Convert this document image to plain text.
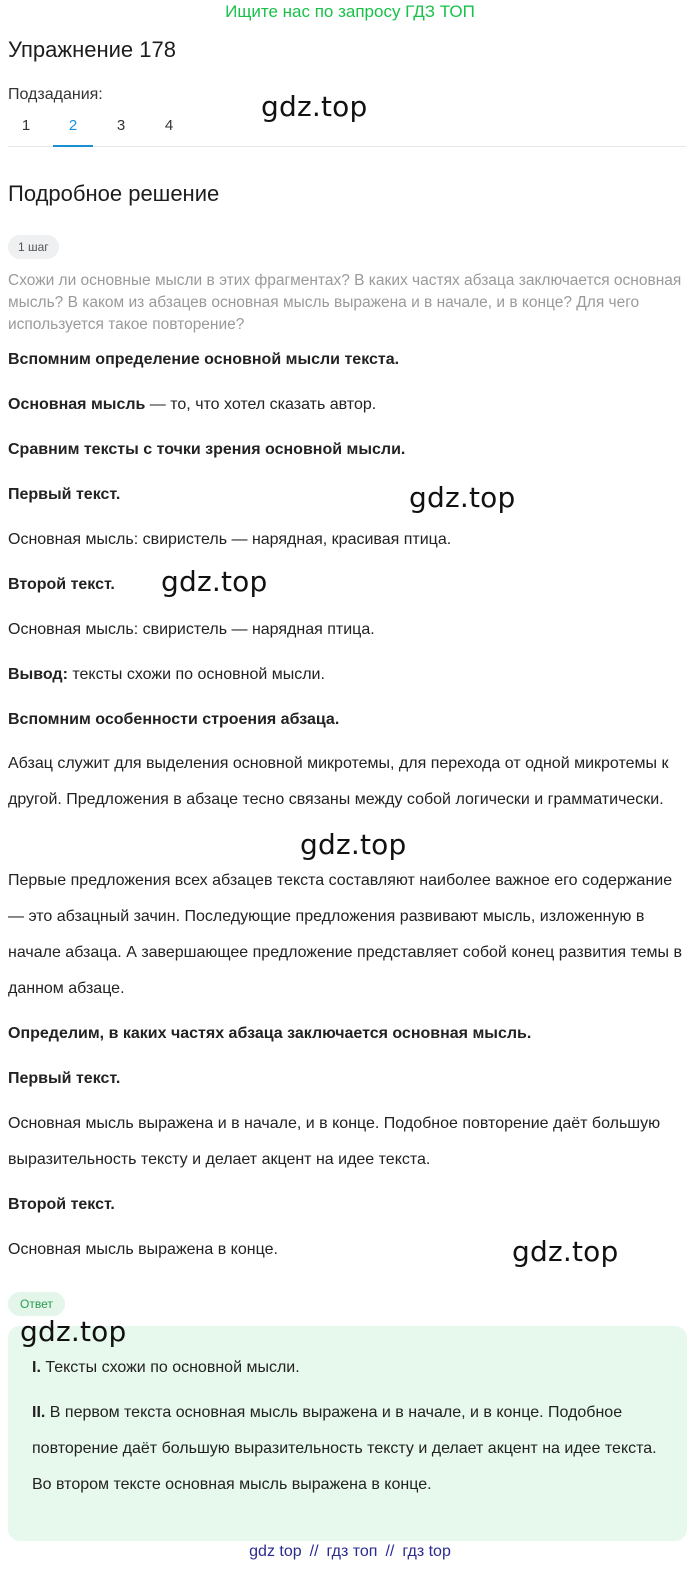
Ищите нас по запросу ГДЗ ТОП
Упражнение 178
Подзадания:
1	2	3	4
gdz.top
Подробное решение
1 шаг
Схожи ли основные мысли в этих фрагментах? В каких частях абзаца заключается основная мысль? В каком из абзацев основная мысль выражена и в начале, и в конце? Для чего используется такое повторение?
Вспомним определение основной мысли текста.
Основная мысль — то, что хотел сказать автор.
Сравним тексты с точки зрения основной мысли.
Первый текст.	gdz.top
Основная мысль: свиристель — нарядная, красивая птица.
Второй текст.	gdz.top
Основная мысль: свиристель — нарядная птица.
Вывод: тексты схожи по основной мысли.
Вспомним особенности строения абзаца.
Абзац служит для выделения основной микротемы, для перехода от одной микротемы к другой. Предложения в абзаце тесно связаны между собой логически и грамматически.
gdz.top
Первые предложения всех абзацев текста составляют наиболее важное его содержание — это абзацный зачин. Последующие предложения развивают мысль, изложенную в начале абзаца. А завершающее предложение представляет собой конец развития темы в данном абзаце.
Определим, в каких частях абзаца заключается основная мысль.
Первый текст.
Основная мысль выражена и в начале, и в конце. Подобное повторение даёт большую выразительность тексту и делает акцент на идее текста.
Второй текст.
Основная мысль выражена в конце.	gdz.top
Ответ
gdz.top
I. Тексты схожи по основной мысли.
II. В первом текста основная мысль выражена и в начале, и в конце. Подобное повторение даёт большую выразительность тексту и делает акцент на идее текста. Во втором тексте основная мысль выражена в конце.
gdz top // гдз топ // гдз top
